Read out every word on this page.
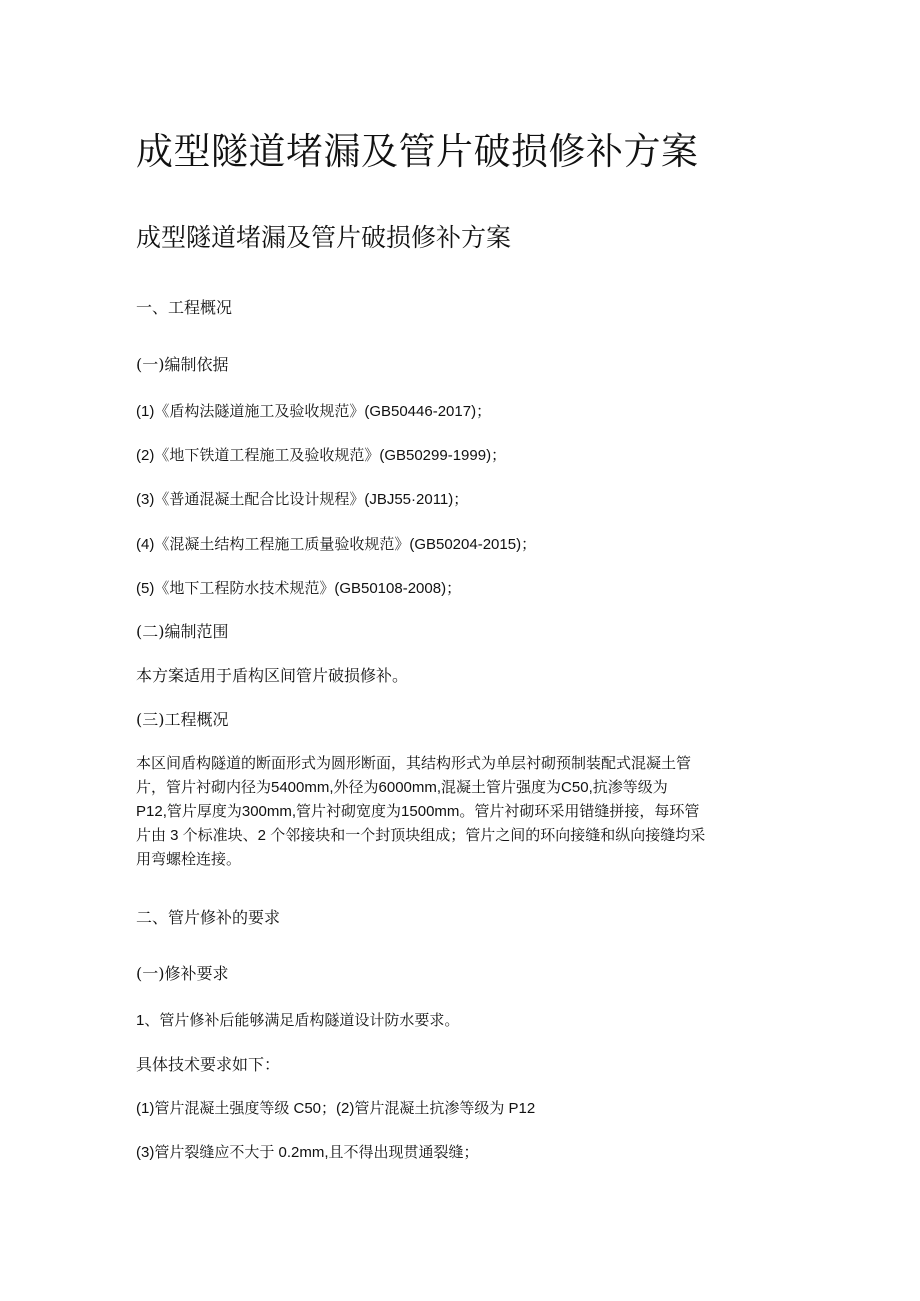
成型隧道堵漏及管片破损修补方案
成型隧道堵漏及管片破损修补方案

一、工程概况

(一)编制依据

(1)《盾构法隧道施工及验收规范》(GB50446-2017)；

(2)《地下铁道工程施工及验收规范》(GB50299-1999)；

(3)《普通混凝土配合比设计规程》(JBJ55·2011)；

(4)《混凝土结构工程施工质量验收规范》(GB50204-2015)；

(5)《地下工程防水技术规范》(GB50108-2008)；

(二)编制范围

本方案适用于盾构区间管片破损修补。

(三)工程概况

本区间盾构隧道的断面形式为圆形断面，其结构形式为单层衬砌预制装配式混凝土管
片，管片衬砌内径为5400mm,外径为6000mm,混凝土管片强度为C50,抗渗等级为
P12,管片厚度为300mm,管片衬砌宽度为1500mm。管片衬砌环采用错缝拼接，每环管
片由 3 个标准块、2 个邻接块和一个封顶块组成；管片之间的环向接缝和纵向接缝均采
用弯螺栓连接。

二、管片修补的要求

(一)修补要求

1、管片修补后能够满足盾构隧道设计防水要求。

具体技术要求如下：

(1)管片混凝土强度等级 C50；(2)管片混凝土抗渗等级为 P12

(3)管片裂缝应不大于 0.2mm,且不得出现贯通裂缝；
